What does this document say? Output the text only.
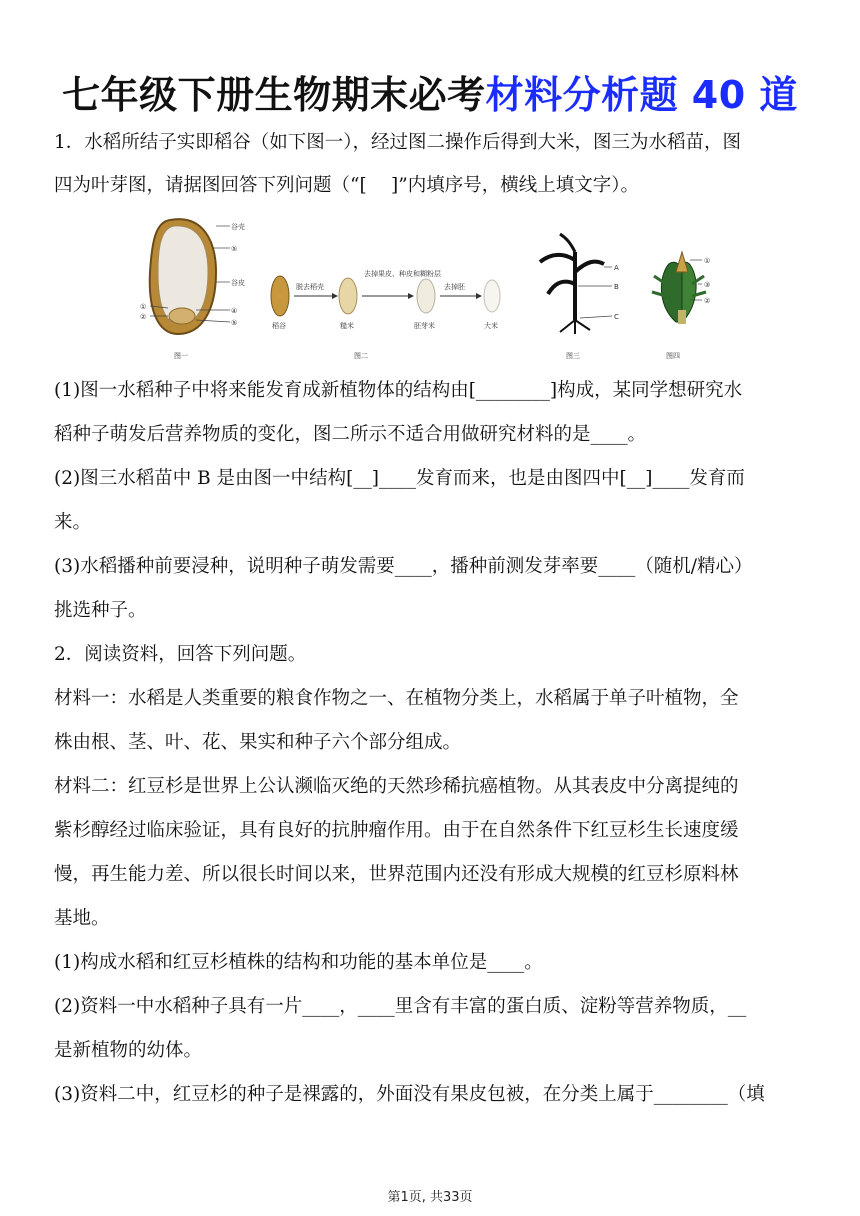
七年级下册生物期末必考材料分析题 40 道
1．水稻所结子实即稻谷（如下图一），经过图二操作后得到大米，图三为水稻苗，图
四为叶芽图，请据图回答下列问题（“[　 ]”内填序号，横线上填文字）。
谷壳
⑤
谷皮
①
②
④
⑤
图一
脱去稻壳
去掉果皮、种皮和糊粉层
去掉胚
稻谷	糙米	胚芽米	大米
图二
A
B
C
图三
①
③
②
图四
(1)图一水稻种子中将来能发育成新植物体的结构由[________]构成，某同学想研究水
稻种子萌发后营养物质的变化，图二所示不适合用做研究材料的是____。
(2)图三水稻苗中 B 是由图一中结构[__]____发育而来，也是由图四中[__]____发育而
来。
(3)水稻播种前要浸种，说明种子萌发需要____，播种前测发芽率要____（随机/精心）
挑选种子。
2．阅读资料，回答下列问题。
材料一：水稻是人类重要的粮食作物之一、在植物分类上，水稻属于单子叶植物，全
株由根、茎、叶、花、果实和种子六个部分组成。
材料二：红豆杉是世界上公认濒临灭绝的天然珍稀抗癌植物。从其表皮中分离提纯的
紫杉醇经过临床验证，具有良好的抗肿瘤作用。由于在自然条件下红豆杉生长速度缓
慢，再生能力差、所以很长时间以来，世界范围内还没有形成大规模的红豆杉原料林
基地。
(1)构成水稻和红豆杉植株的结构和功能的基本单位是____。
(2)资料一中水稻种子具有一片____，____里含有丰富的蛋白质、淀粉等营养物质，__
是新植物的幼体。
(3)资料二中，红豆杉的种子是裸露的，外面没有果皮包被，在分类上属于________（填
第1页, 共33页
